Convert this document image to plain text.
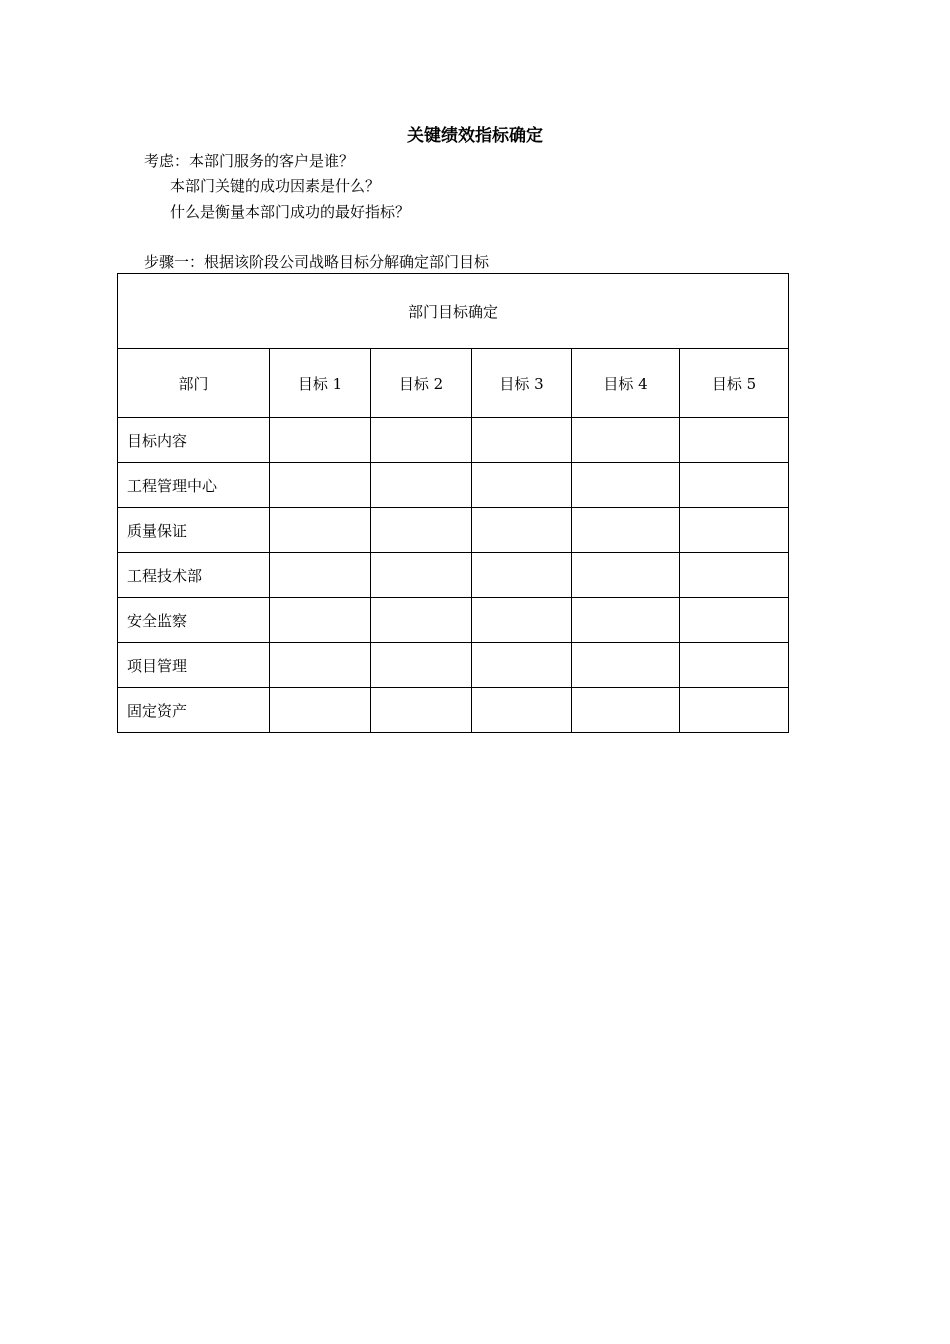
关键绩效指标确定
考虑：本部门服务的客户是谁？
本部门关键的成功因素是什么？
什么是衡量本部门成功的最好指标？
步骤一：根据该阶段公司战略目标分解确定部门目标
部门目标确定					
部门	目标 1	目标 2	目标 3	目标 4	目标 5
目标内容					
工程管理中心					
质量保证					
工程技术部					
安全监察					
项目管理					
固定资产					
